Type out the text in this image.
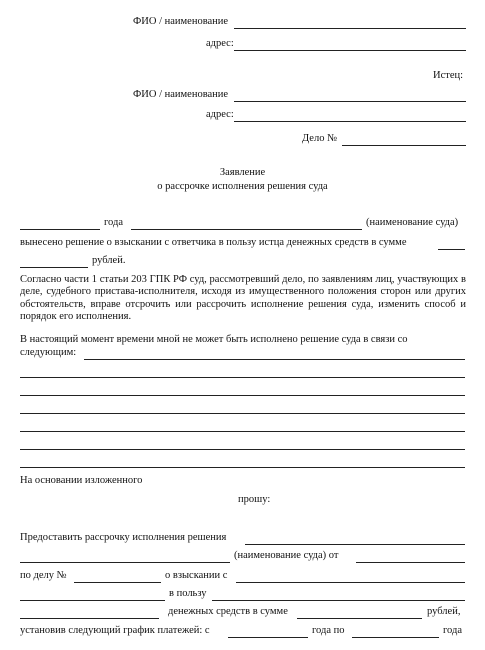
ФИО / наименование
адрес:
Истец:
ФИО / наименование
адрес:
Дело №
Заявление
о рассрочке исполнения решения суда
года	(наименование суда)
вынесено решение о взыскании с ответчика в пользу истца денежных средств в сумме
рублей.
Согласно части 1 статьи 203 ГПК РФ суд, рассмотревший дело, по заявлениям лиц, участвующих в деле, судебного пристава-исполнителя, исходя из имущественного положения сторон или других обстоятельств, вправе отсрочить или рассрочить исполнение решения суда, изменить способ и порядок его исполнения.
В настоящий момент времени мной не может быть исполнено решение суда в связи со
следующим:
На основании изложенного
прошу:
Предоставить рассрочку исполнения решения
(наименование суда) от
по делу №	о взыскании с
в пользу
денежных средств в сумме	рублей,
установив следующий график платежей: с	года по	года
